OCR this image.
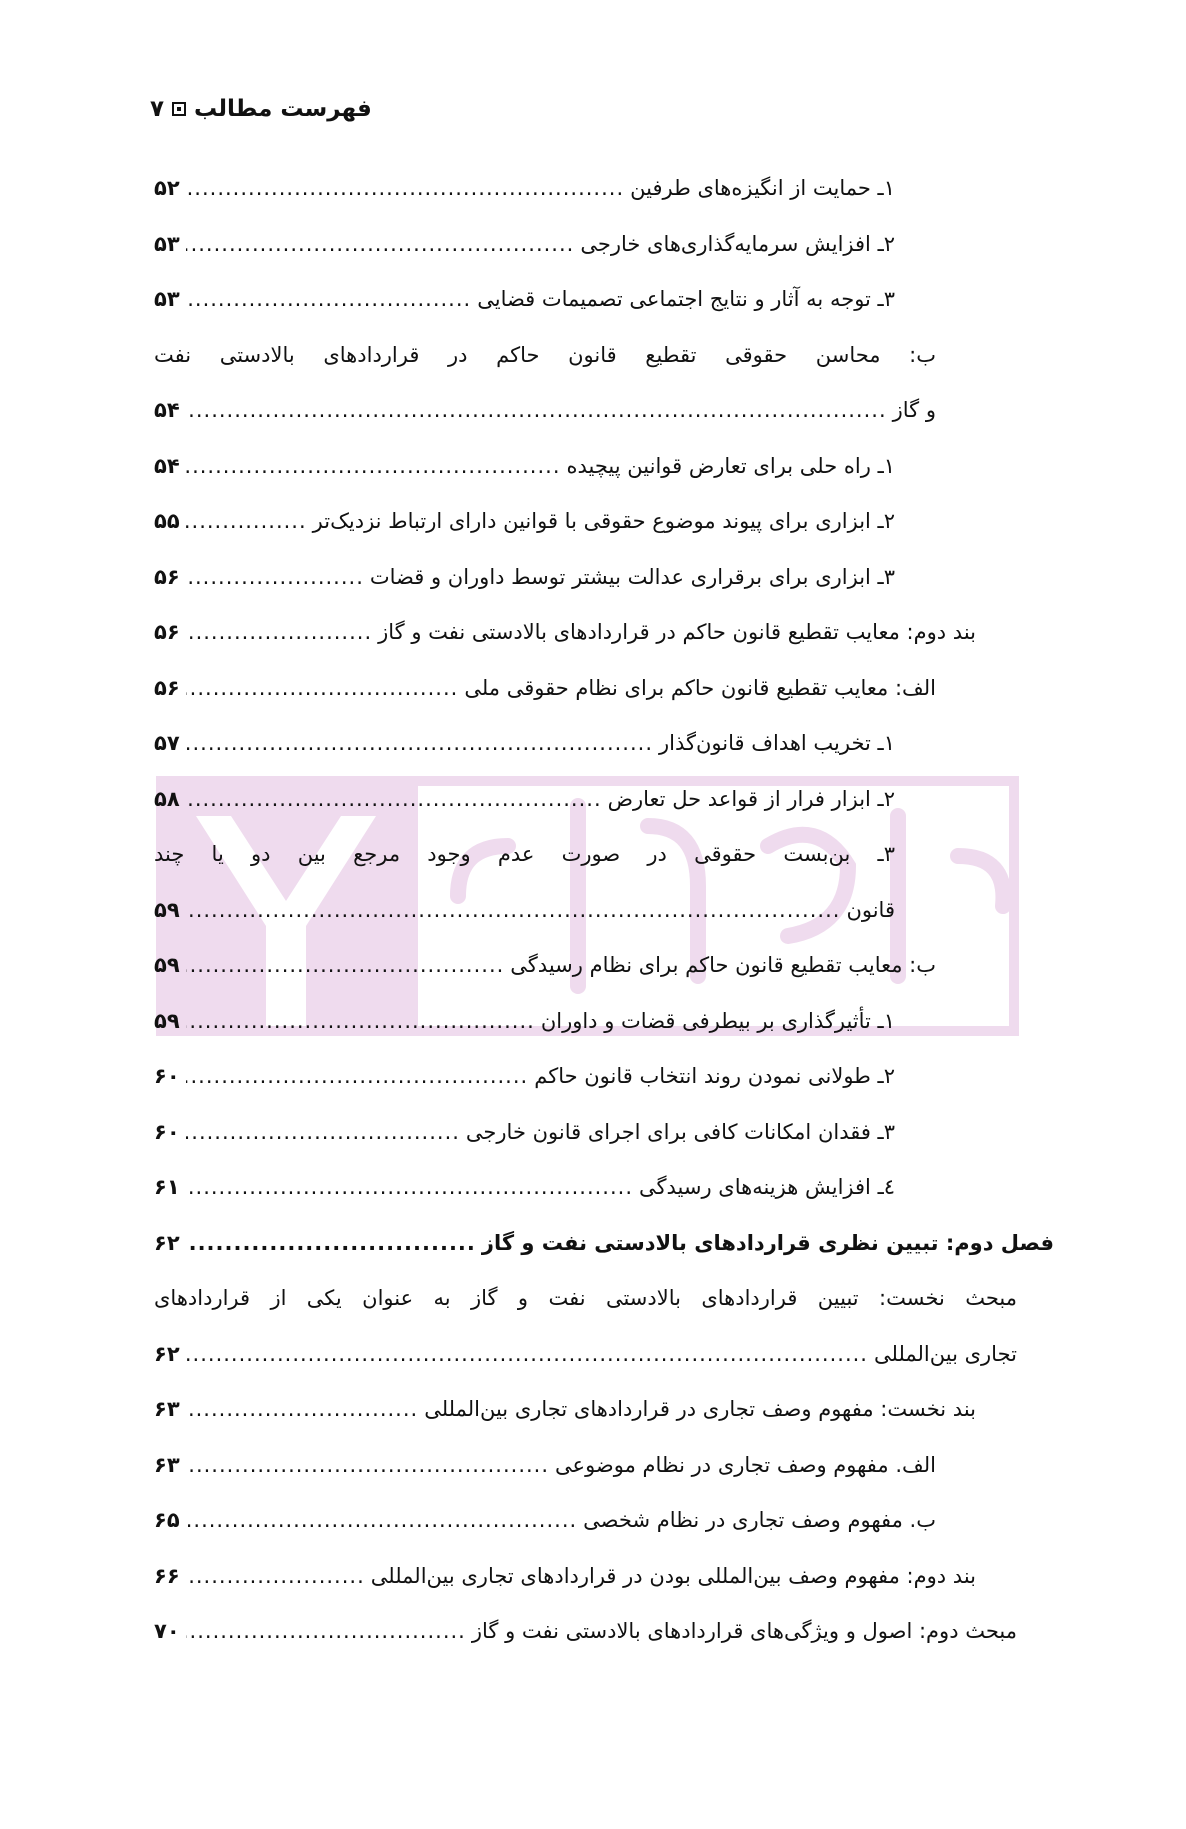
فهرست مطالب
۷
۱ـ حمایت از انگیزه‌های طرفین
.....
۵۲
۲ـ افزایش سرمایه‌گذاری‌های خارجی
.....
۵۳
۳ـ توجه به آثار و نتایج اجتماعی تصمیمات قضایی
.....
۵۳
ب: محاسن حقوقی تقطیع قانون حاکم در قراردادهای بالادستی نفت
و گاز
.....
۵۴
۱ـ راه حلی برای تعارض قوانین پیچیده
.....
۵۴
۲ـ ابزاری برای پیوند موضوع حقوقی با قوانین دارای ارتباط نزدیک‌تر
.....
۵۵
۳ـ ابزاری برای برقراری عدالت بیشتر توسط داوران و قضات
.....
۵۶
بند دوم: معایب تقطیع قانون حاکم در قراردادهای بالادستی نفت و گاز
.....
۵۶
الف: معایب تقطیع قانون حاکم برای نظام حقوقی ملی
.....
۵۶
۱ـ تخریب اهداف قانون‌گذار
.....
۵۷
۲ـ ابزار فرار از قواعد حل تعارض
.....
۵۸
۳ـ بن‌بست حقوقی در صورت عدم وجود مرجع بین دو یا چند
قانون
.....
۵۹
ب: معایب تقطیع قانون حاکم برای نظام رسیدگی
.....
۵۹
۱ـ تأثیرگذاری بر بیطرفی قضات و داوران
.....
۵۹
۲ـ طولانی نمودن روند انتخاب قانون حاکم
.....
۶۰
۳ـ فقدان امکانات کافی برای اجرای قانون خارجی
.....
۶۰
٤ـ افزایش هزینه‌های رسیدگی
.....
۶۱
فصل دوم: تبیین نظری قراردادهای بالادستی نفت و گاز
.....
۶۲
مبحث نخست: تبیین قراردادهای بالادستی نفت و گاز به عنوان یکی از قراردادهای
تجاری بین‌المللی
.....
۶۲
بند نخست: مفهوم وصف تجاری در قراردادهای تجاری بین‌المللی
.....
۶۳
الف. مفهوم وصف تجاری در نظام موضوعی
.....
۶۳
ب. مفهوم وصف تجاری در نظام شخصی
.....
۶۵
بند دوم: مفهوم وصف بین‌المللی بودن در قراردادهای تجاری بین‌المللی
.....
۶۶
مبحث دوم: اصول و ویژگی‌های قراردادهای بالادستی نفت و گاز
.....
۷۰
